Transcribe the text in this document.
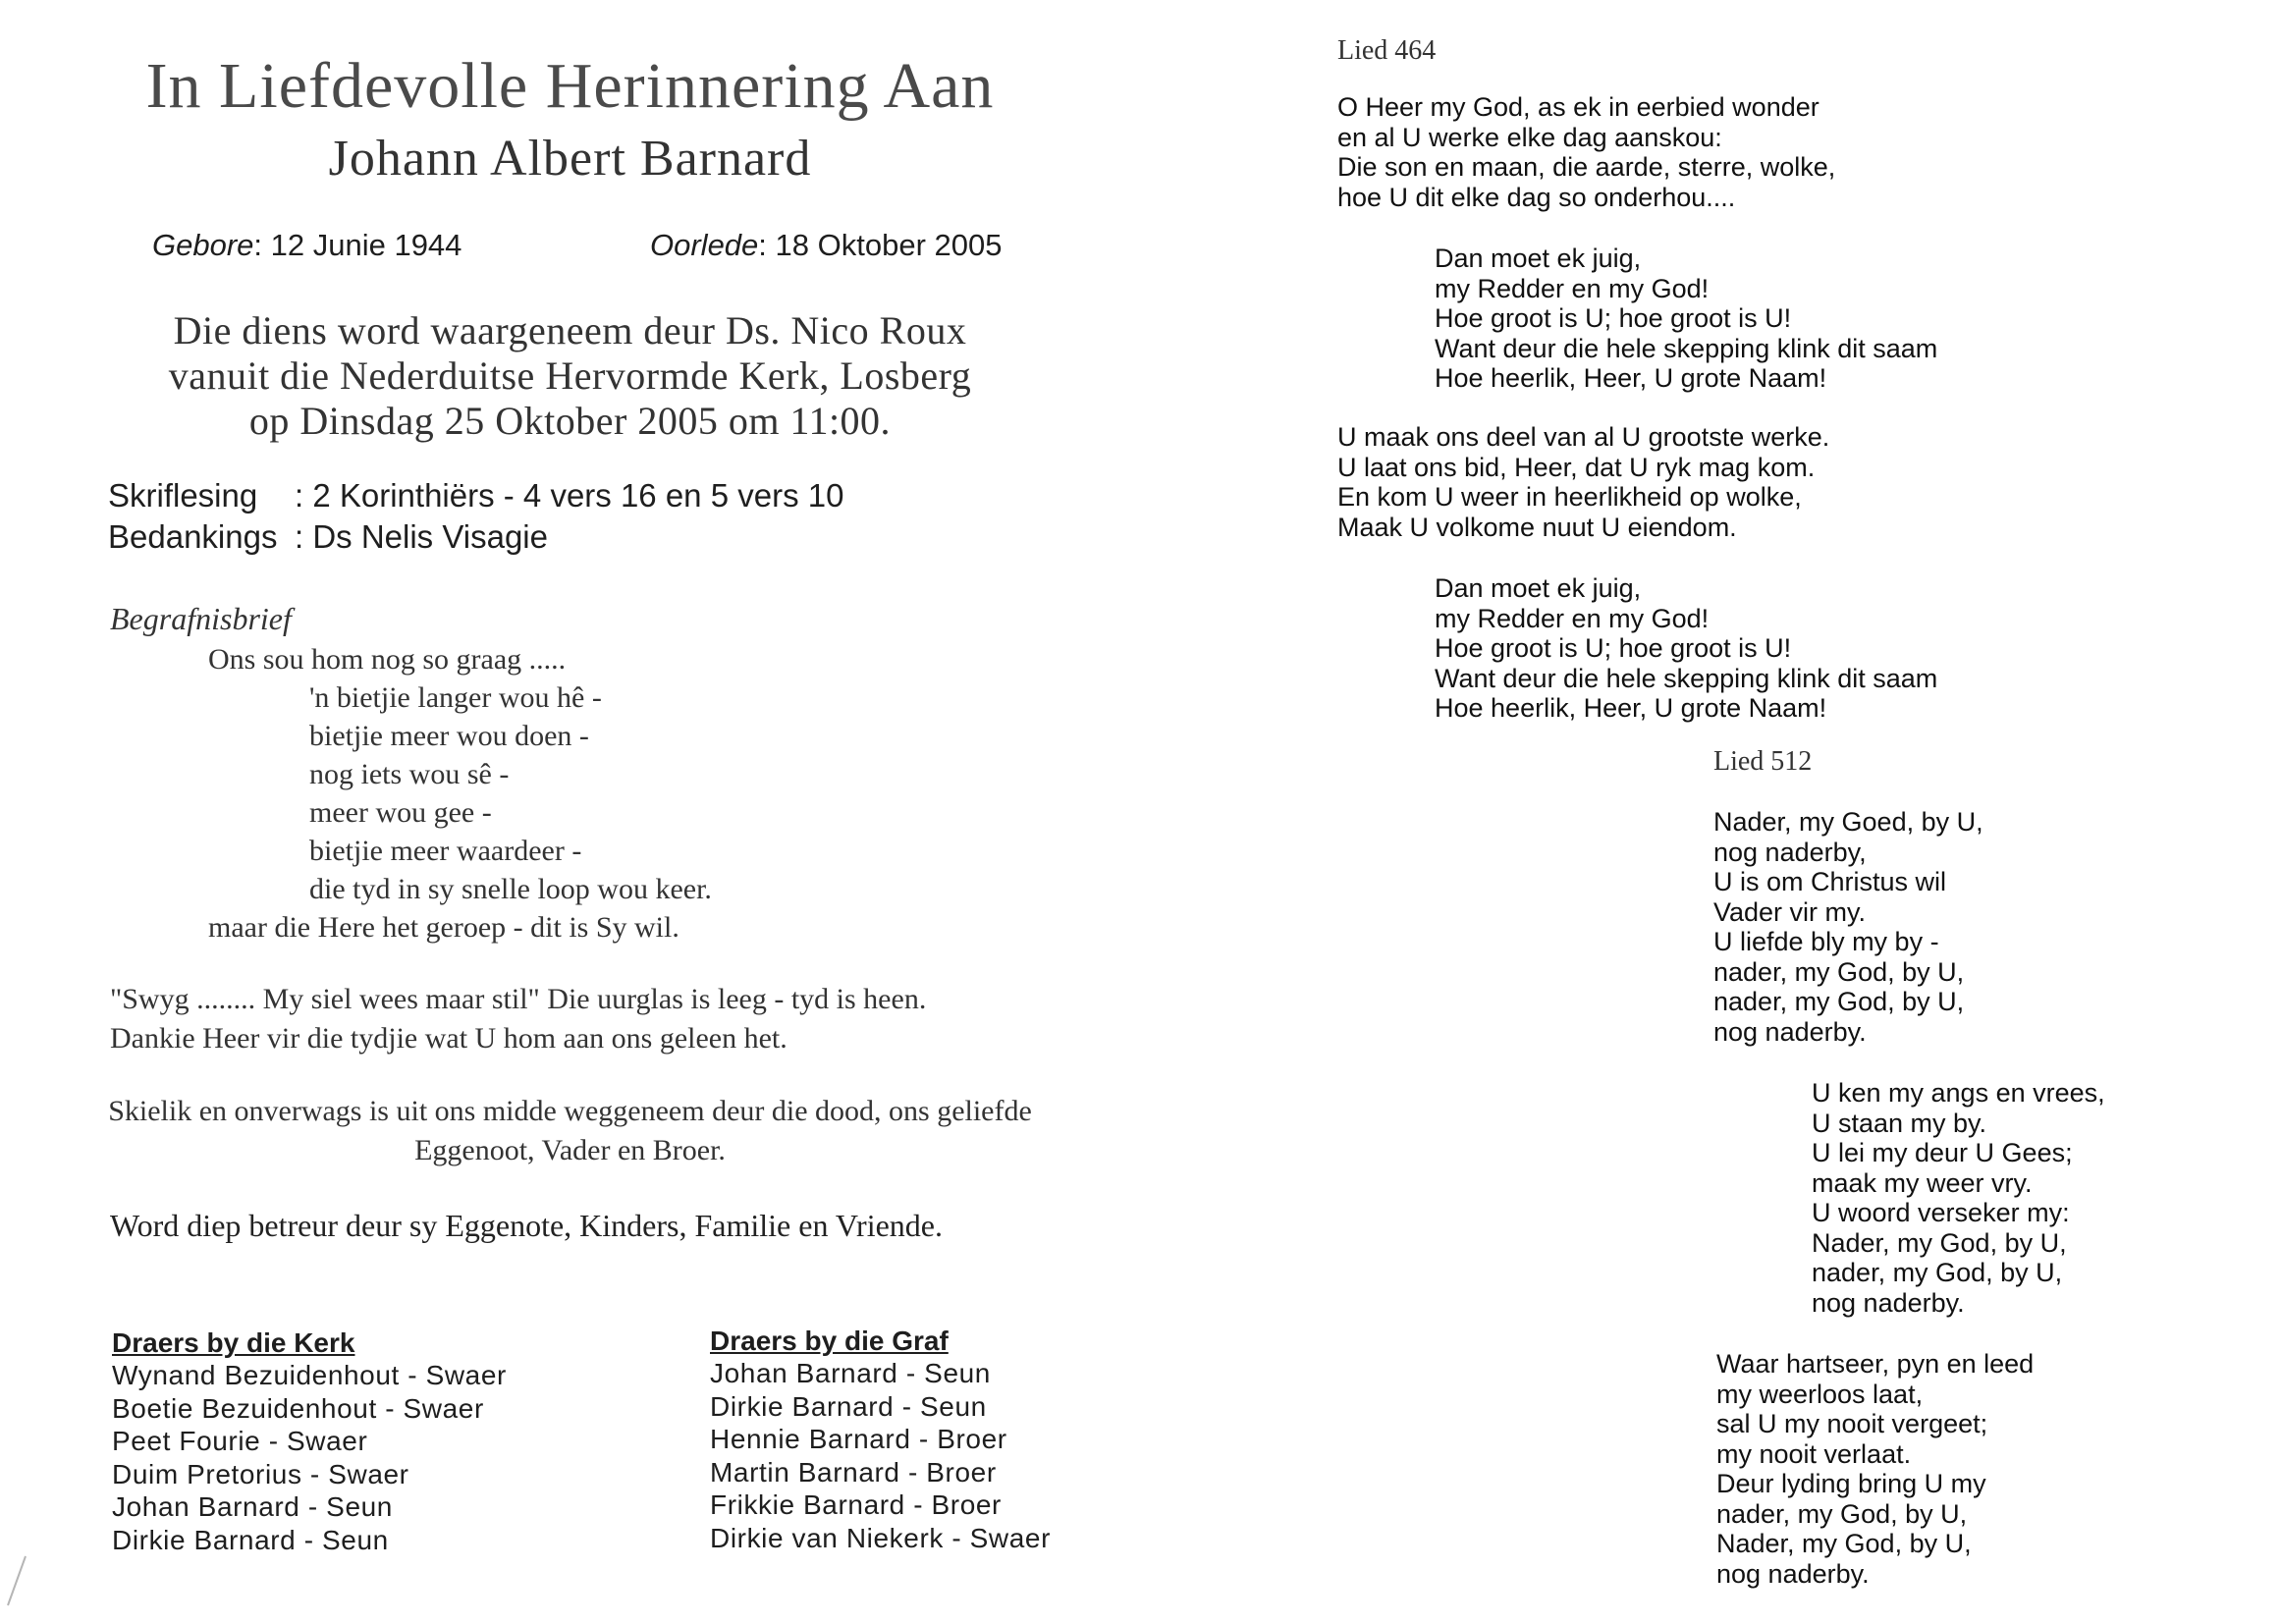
In Liefdevolle Herinnering Aan
Johann Albert Barnard
Gebore: 12 Junie 1944	Oorlede: 18 Oktober 2005
Die diens word waargeneem deur Ds. Nico Roux
vanuit die Nederduitse Hervormde Kerk, Losberg
op Dinsdag 25 Oktober 2005 om 11:00.
Skriflesing : 2 Korinthiërs - 4 vers 16 en 5 vers 10
Bedankings : Ds Nelis Visagie
Begrafnisbrief
Ons sou hom nog so graag .....
'n bietjie langer wou hê -
bietjie meer wou doen -
nog iets wou sê -
meer wou gee -
bietjie meer waardeer -
die tyd in sy snelle loop wou keer.
maar die Here het geroep - dit is Sy wil.
"Swyg ........ My siel wees maar stil" Die uurglas is leeg - tyd is heen.
Dankie Heer vir die tydjie wat U hom aan ons geleen het.
Skielik en onverwags is uit ons midde weggeneem deur die dood, ons geliefde
Eggenoot, Vader en Broer.
Word diep betreur deur sy Eggenote, Kinders, Familie en Vriende.
Draers by die Kerk
Wynand Bezuidenhout - Swaer
Boetie Bezuidenhout - Swaer
Peet Fourie - Swaer
Duim Pretorius - Swaer
Johan Barnard - Seun
Dirkie Barnard - Seun
Draers by die Graf
Johan Barnard - Seun
Dirkie Barnard - Seun
Hennie Barnard - Broer
Martin Barnard - Broer
Frikkie Barnard - Broer
Dirkie van Niekerk - Swaer
Lied 464
O Heer my God, as ek in eerbied wonder
en al U werke elke dag aanskou:
Die son en maan, die aarde, sterre, wolke,
hoe U dit elke dag so onderhou....
Dan moet ek juig,
my Redder en my God!
Hoe groot is U; hoe groot is U!
Want deur die hele skepping klink dit saam
Hoe heerlik, Heer, U grote Naam!
U maak ons deel van al U grootste werke.
U laat ons bid, Heer, dat U ryk mag kom.
En kom U weer in heerlikheid op wolke,
Maak U volkome nuut U eiendom.
Dan moet ek juig,
my Redder en my God!
Hoe groot is U; hoe groot is U!
Want deur die hele skepping klink dit saam
Hoe heerlik, Heer, U grote Naam!
Lied 512
Nader, my Goed, by U,
nog naderby,
U is om Christus wil
Vader vir my.
U liefde bly my by -
nader, my God, by U,
nader, my God, by U,
nog naderby.
U ken my angs en vrees,
U staan my by.
U lei my deur U Gees;
maak my weer vry.
U woord verseker my:
Nader, my God, by U,
nader, my God, by U,
nog naderby.
Waar hartseer, pyn en leed
my weerloos laat,
sal U my nooit vergeet;
my nooit verlaat.
Deur lyding bring U my
nader, my God, by U,
Nader, my God, by U,
nog naderby.
